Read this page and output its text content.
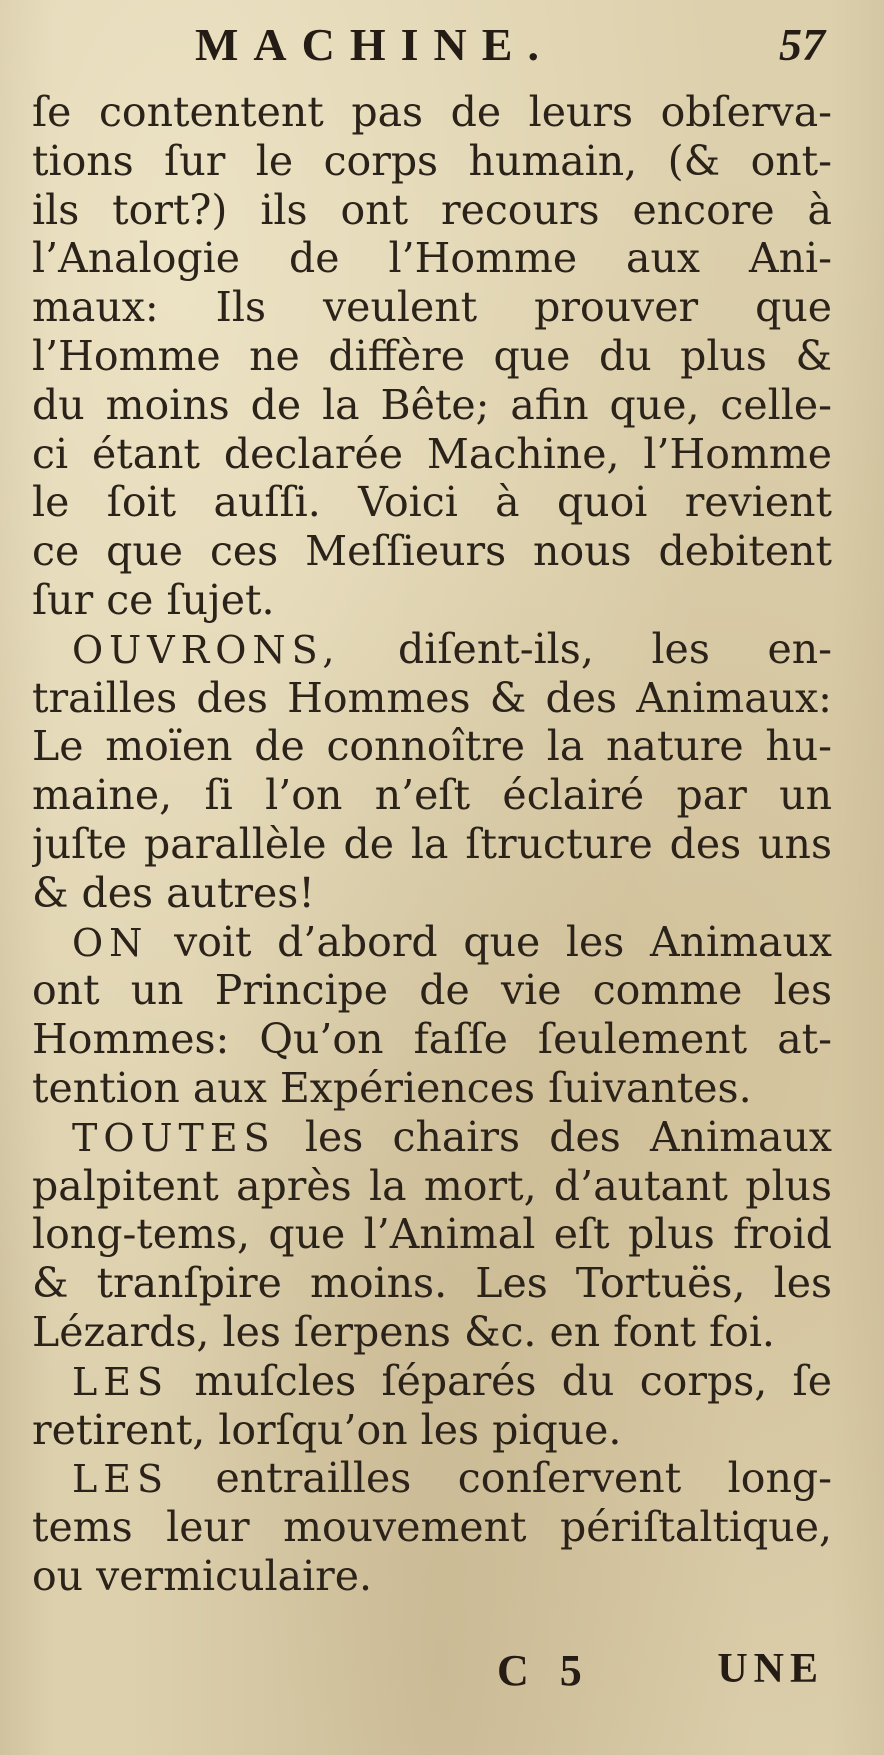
MACHINE.	57
ſe contentent pas de leurs obſerva-
tions ſur le corps humain, (& ont-
ils tort?) ils ont recours encore à
l’Analogie de l’Homme aux Ani-
maux: Ils veulent prouver que
l’Homme ne diffère que du plus &
du moins de la Bête; afin que, celle-
ci étant declarée Machine, l’Homme
le ſoit auſſi. Voici à quoi revient
ce que ces Meſſieurs nous debitent
ſur ce ſujet.
OUVRONS, diſent-ils, les en-
trailles des Hommes & des Animaux:
Le moïen de connoître la nature hu-
maine, ſi l’on n’eſt éclairé par un
juſte parallèle de la ſtructure des uns
& des autres!
ON voit d’abord que les Animaux
ont un Principe de vie comme les
Hommes: Qu’on faſſe ſeulement at-
tention aux Expériences ſuivantes.
TOUTES les chairs des Animaux
palpitent après la mort, d’autant plus
long-tems, que l’Animal eſt plus froid
& tranſpire moins. Les Tortuës, les
Lézards, les ſerpens &c. en font foi.
LES muſcles ſéparés du corps, ſe
retirent, lorſqu’on les pique.
LES entrailles conſervent long-
tems leur mouvement périſtaltique,
ou vermiculaire.
C 5	UNE
